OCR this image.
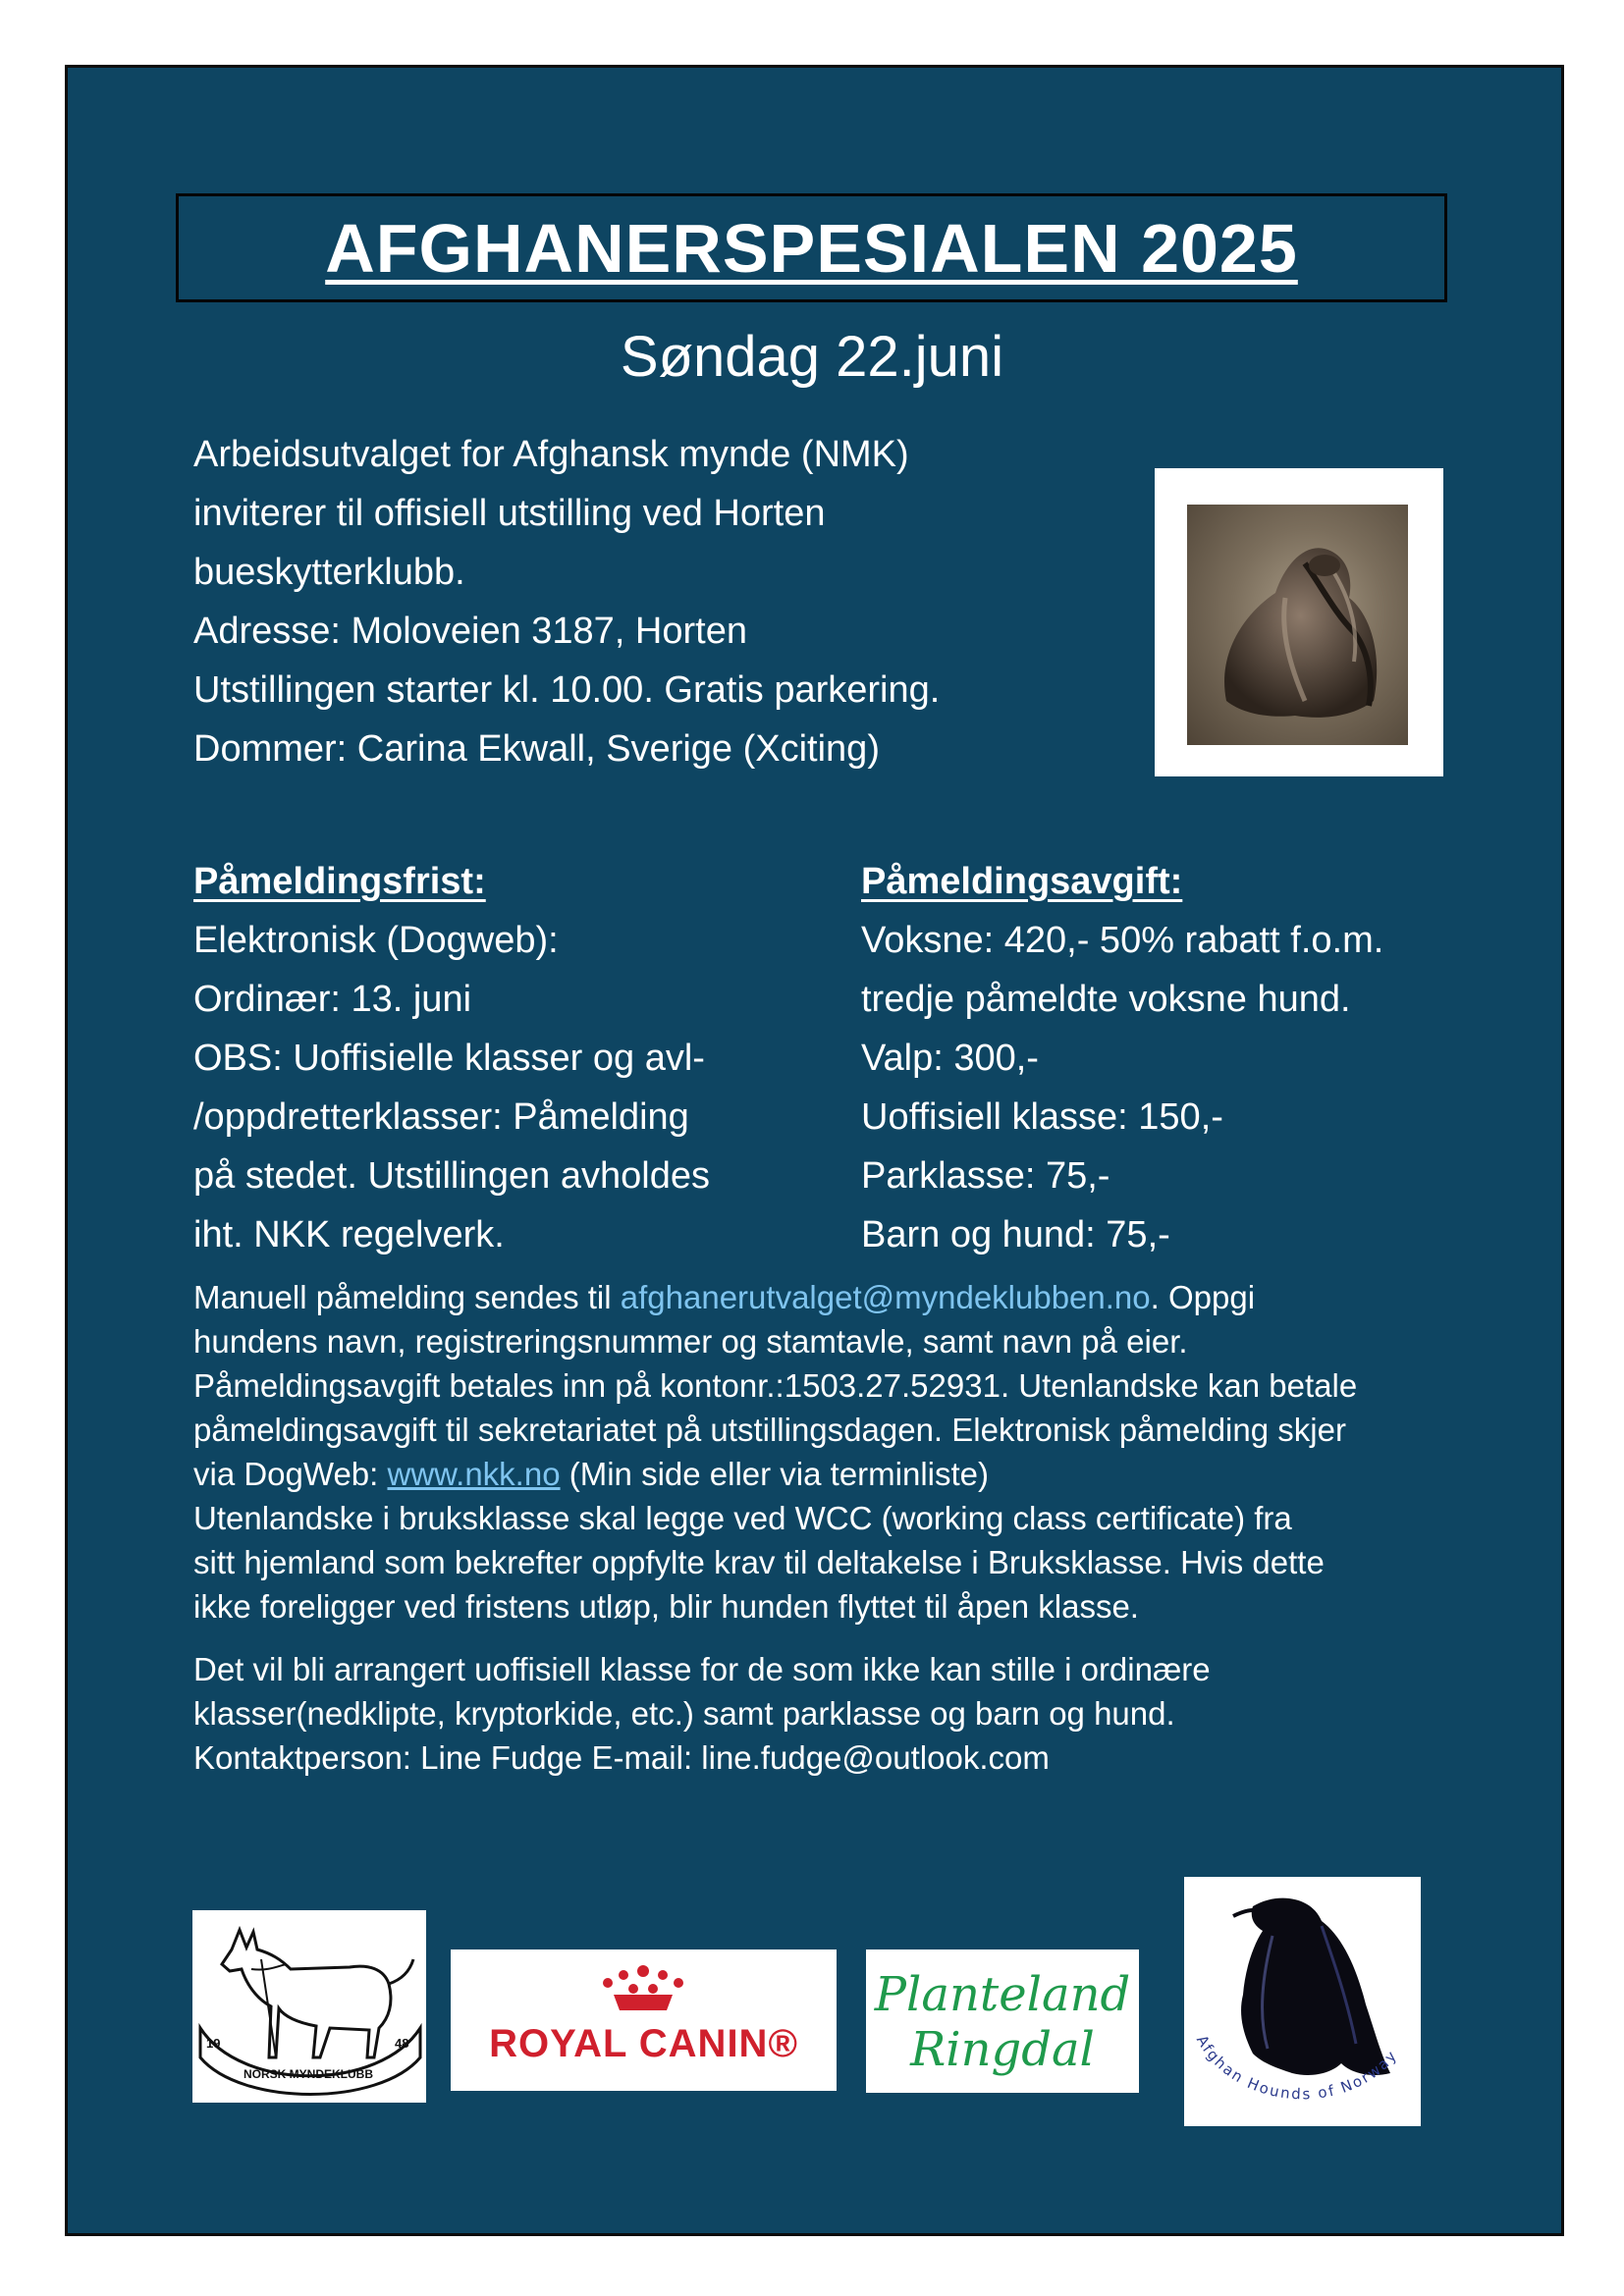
AFGHANERSPESIALEN 2025
Søndag 22.juni
Arbeidsutvalget for Afghansk mynde (NMK)
inviterer til offisiell utstilling ved Horten
bueskytterklubb.
Adresse: Moloveien 3187, Horten
Utstillingen starter kl. 10.00. Gratis parkering.
Dommer: Carina Ekwall, Sverige (Xciting)
Påmeldingsfrist:
Elektronisk (Dogweb):
Ordinær: 13. juni
OBS: Uoffisielle klasser og avl-
/oppdretterklasser: Påmelding
på stedet. Utstillingen avholdes
iht. NKK regelverk.
Påmeldingsavgift:
Voksne: 420,- 50% rabatt f.o.m.
tredje påmeldte voksne hund.
Valp: 300,-
Uoffisiell klasse: 150,-
Parklasse: 75,-
Barn og hund: 75,-
Manuell påmelding sendes til afghanerutvalget@myndeklubben.no. Oppgi
hundens navn, registreringsnummer og stamtavle, samt navn på eier.
Påmeldingsavgift betales inn på kontonr.:1503.27.52931. Utenlandske kan betale
påmeldingsavgift til sekretariatet på utstillingsdagen. Elektronisk påmelding skjer
via DogWeb: www.nkk.no (Min side eller via terminliste)
Utenlandske i bruksklasse skal legge ved WCC (working class certificate) fra
sitt hjemland som bekrefter oppfylte krav til deltakelse i Bruksklasse. Hvis dette
ikke foreligger ved fristens utløp, blir hunden flyttet til åpen klasse.
Det vil bli arrangert uoffisiell klasse for de som ikke kan stille i ordinære
klasser(nedklipte, kryptorkide, etc.) samt parklasse og barn og hund.
Kontaktperson: Line Fudge E-mail: line.fudge@outlook.com
19
NORSK MYNDEKLUBB
48	ROYAL CANIN®
Planteland
Ringdal	Afghan Hounds of Norway
